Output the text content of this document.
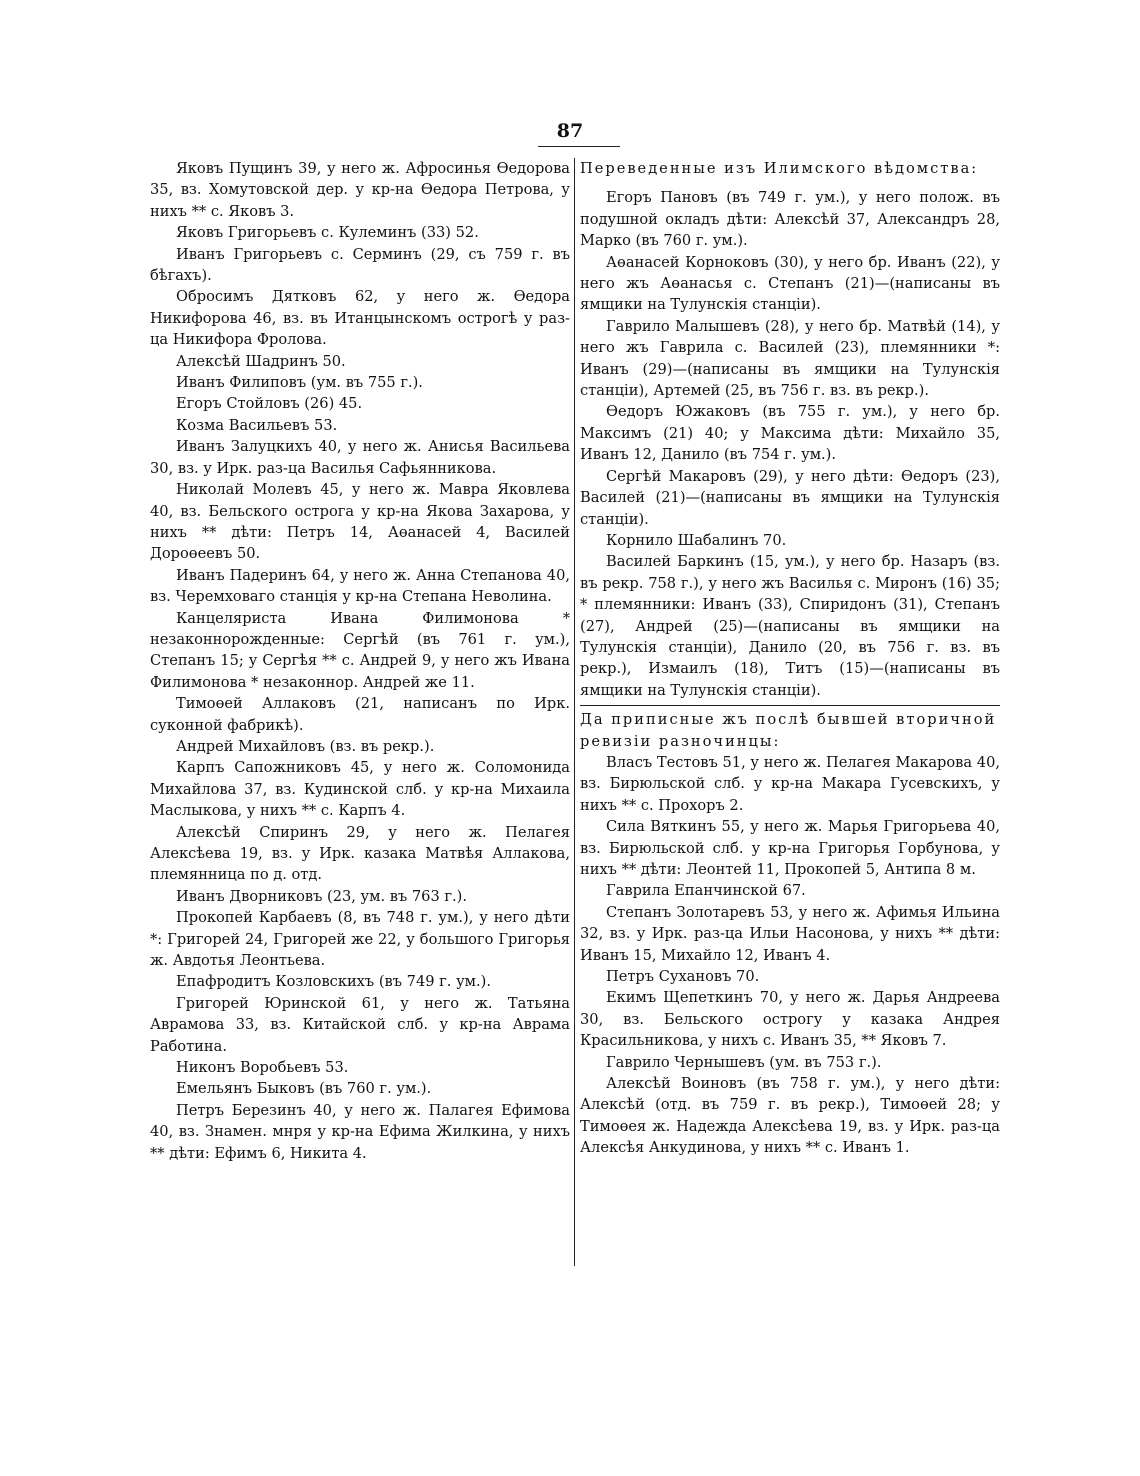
87

Яковъ Пущинъ 39, у него ж. Афросинья Өедорова 35, вз. Хомутовской дер. у кр-на Өедора Петрова, у нихъ ** с. Яковъ 3.

Яковъ Григорьевъ с. Кулеминъ (33) 52.

Иванъ Григорьевъ с. Серминъ (29, съ 759 г. въ бѣгахъ).

Обросимъ Дятковъ 62, у него ж. Өедора Никифорова 46, вз. въ Итанцынскомъ острогѣ у раз-ца Никифора Фролова.

Алексѣй Шадринъ 50.

Иванъ Филиповъ (ум. въ 755 г.).

Егоръ Стойловъ (26) 45.

Козма Васильевъ 53.

Иванъ Залуцкихъ 40, у него ж. Анисья Васильева 30, вз. у Ирк. раз-ца Василья Сафьянникова.

Николай Молевъ 45, у него ж. Мавра Яковлева 40, вз. Бельского острога у кр-на Якова Захарова, у нихъ ** дѣти: Петръ 14, Аөанасей 4, Василей Дороөеевъ 50.

Иванъ Падеринъ 64, у него ж. Анна Степанова 40, вз. Черемховаго станція у кр-на Степана Неволина.

Канцеляриста Ивана Филимонова * незаконнорожденные: Сергѣй (въ 761 г. ум.), Степанъ 15; у Сергѣя ** с. Андрей 9, у него жъ Ивана Филимонова * незаконнор. Андрей же 11.

Тимоөей Аллаковъ (21, написанъ по Ирк. суконной фабрикѣ).

Андрей Михайловъ (вз. въ рекр.).

Карпъ Сапожниковъ 45, у него ж. Соломонида Михайлова 37, вз. Кудинской слб. у кр-на Михаила Маслыкова, у нихъ ** с. Карпъ 4.

Алексѣй Спиринъ 29, у него ж. Пелагея Алексѣева 19, вз. у Ирк. казака Матвѣя Аллакова, племянница по д. отд.

Иванъ Дворниковъ (23, ум. въ 763 г.).

Прокопей Карбаевъ (8, въ 748 г. ум.), у него дѣти *: Григорей 24, Григорей же 22, у большого Григорья ж. Авдотья Леонтьева.

Епафродитъ Козловскихъ (въ 749 г. ум.).

Григорей Юринской 61, у него ж. Татьяна Аврамова 33, вз. Китайской слб. у кр-на Аврама Работина.

Никонъ Воробьевъ 53.

Емельянъ Быковъ (въ 760 г. ум.).

Петръ Березинъ 40, у него ж. Палагея Ефимова 40, вз. Знамен. мнря у кр-на Ефима Жилкина, у нихъ ** дѣти: Ефимъ 6, Никита 4.

Переведенные изъ Илимского вѣдомства:

Егоръ Пановъ (въ 749 г. ум.), у него полож. въ подушной окладъ дѣти: Алексѣй 37, Александръ 28, Марко (въ 760 г. ум.).

Аөанасей Корноковъ (30), у него бр. Иванъ (22), у него жъ Аөанасья с. Степанъ (21)—(написаны въ ямщики на Тулунскія станціи).

Гаврило Малышевъ (28), у него бр. Матвѣй (14), у него жъ Гаврила с. Василей (23), племянники *: Иванъ (29)—(написаны въ ямщики на Тулунскія станціи), Артемей (25, въ 756 г. вз. въ рекр.).

Өедоръ Южаковъ (въ 755 г. ум.), у него бр. Максимъ (21) 40; у Максима дѣти: Михайло 35, Иванъ 12, Данило (въ 754 г. ум.).

Сергѣй Макаровъ (29), у него дѣти: Өедоръ (23), Василей (21)—(написаны въ ямщики на Тулунскія станціи).

Корнило Шабалинъ 70.

Василей Баркинъ (15, ум.), у него бр. Назаръ (вз. въ рекр. 758 г.), у него жъ Василья с. Миронъ (16) 35; * племянники: Иванъ (33), Спиридонъ (31), Степанъ (27), Андрей (25)—(написаны въ ямщики на Тулунскія станціи), Данило (20, въ 756 г. вз. въ рекр.), Измаилъ (18), Титъ (15)—(написаны въ ямщики на Тулунскія станціи).

Да приписные жъ послѣ бывшей вторичной ревизіи разночинцы:

Власъ Тестовъ 51, у него ж. Пелагея Макарова 40, вз. Бирюльской слб. у кр-на Макара Гусевскихъ, у нихъ ** с. Прохоръ 2.

Сила Вяткинъ 55, у него ж. Марья Григорьева 40, вз. Бирюльской слб. у кр-на Григорья Горбунова, у нихъ ** дѣти: Леонтей 11, Прокопей 5, Антипа 8 м.

Гаврила Епанчинской 67.

Степанъ Золотаревъ 53, у него ж. Афимья Ильина 32, вз. у Ирк. раз-ца Ильи Насонова, у нихъ ** дѣти: Иванъ 15, Михайло 12, Иванъ 4.

Петръ Сухановъ 70.

Екимъ Щепеткинъ 70, у него ж. Дарья Андреева 30, вз. Бельского острогу у казака Андрея Красильникова, у нихъ с. Иванъ 35, ** Яковъ 7.

Гаврило Чернышевъ (ум. въ 753 г.).

Алексѣй Воиновъ (въ 758 г. ум.), у него дѣти: Алексѣй (отд. въ 759 г. въ рекр.), Тимоөей 28; у Тимоөея ж. Надежда Алексѣева 19, вз. у Ирк. раз-ца Алексѣя Анкудинова, у нихъ ** с. Иванъ 1.
